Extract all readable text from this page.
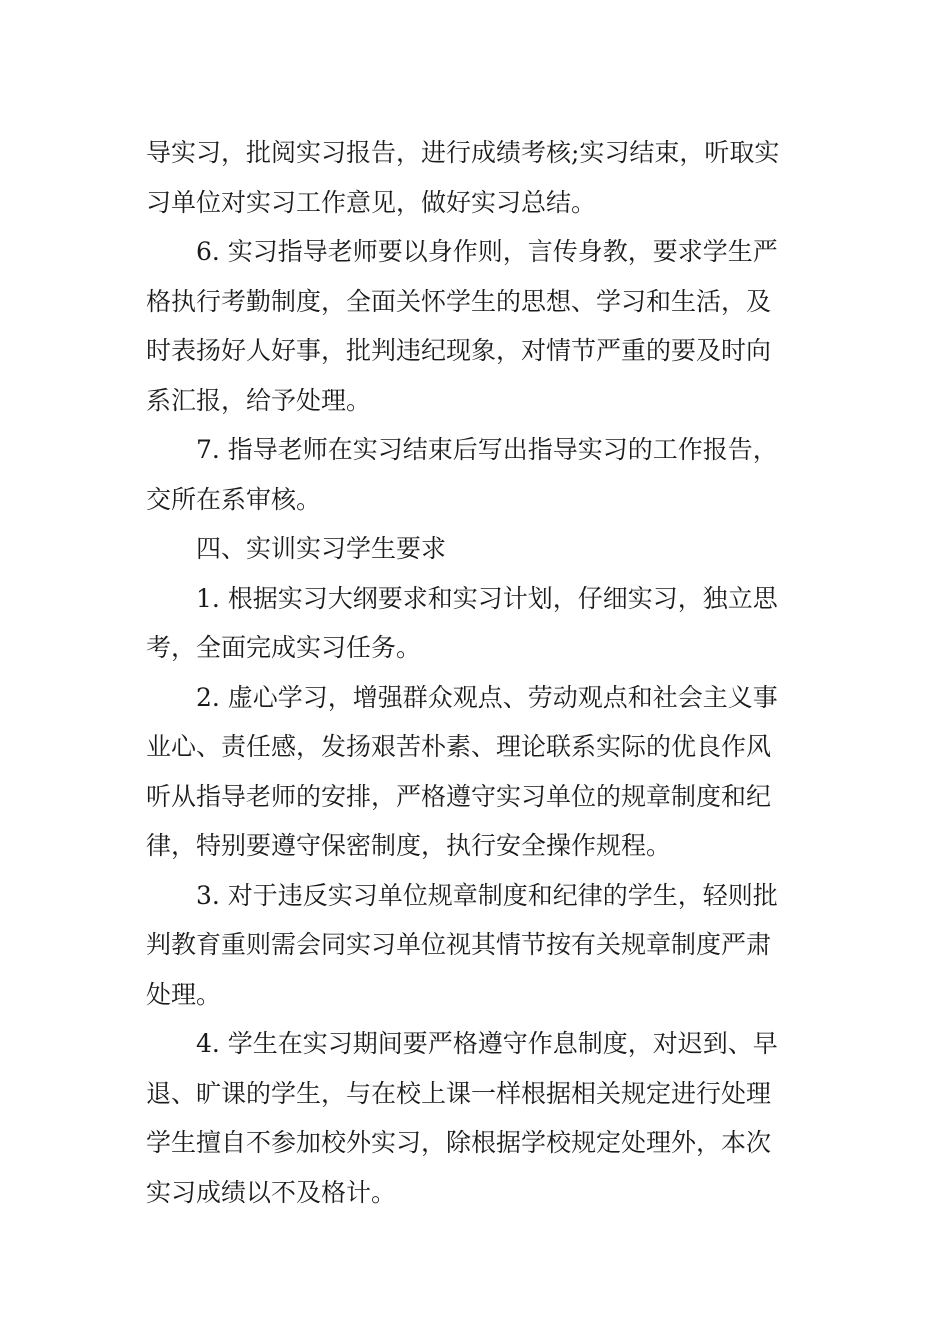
导实习，批阅实习报告，进行成绩考核;实习结束，听取实
习单位对实习工作意见，做好实习总结。
6. 实习指导老师要以身作则，言传身教，要求学生严
格执行考勤制度，全面关怀学生的思想、学习和生活，及
时表扬好人好事，批判违纪现象，对情节严重的要及时向
系汇报，给予处理。
7. 指导老师在实习结束后写出指导实习的工作报告，
交所在系审核。
四、实训实习学生要求
1. 根据实习大纲要求和实习计划，仔细实习，独立思
考，全面完成实习任务。
2. 虚心学习，增强群众观点、劳动观点和社会主义事
业心、责任感，发扬艰苦朴素、理论联系实际的优良作风
听从指导老师的安排，严格遵守实习单位的规章制度和纪
律，特别要遵守保密制度，执行安全操作规程。
3. 对于违反实习单位规章制度和纪律的学生，轻则批
判教育重则需会同实习单位视其情节按有关规章制度严肃
处理。
4. 学生在实习期间要严格遵守作息制度，对迟到、早
退、旷课的学生，与在校上课一样根据相关规定进行处理
学生擅自不参加校外实习，除根据学校规定处理外，本次
实习成绩以不及格计。
